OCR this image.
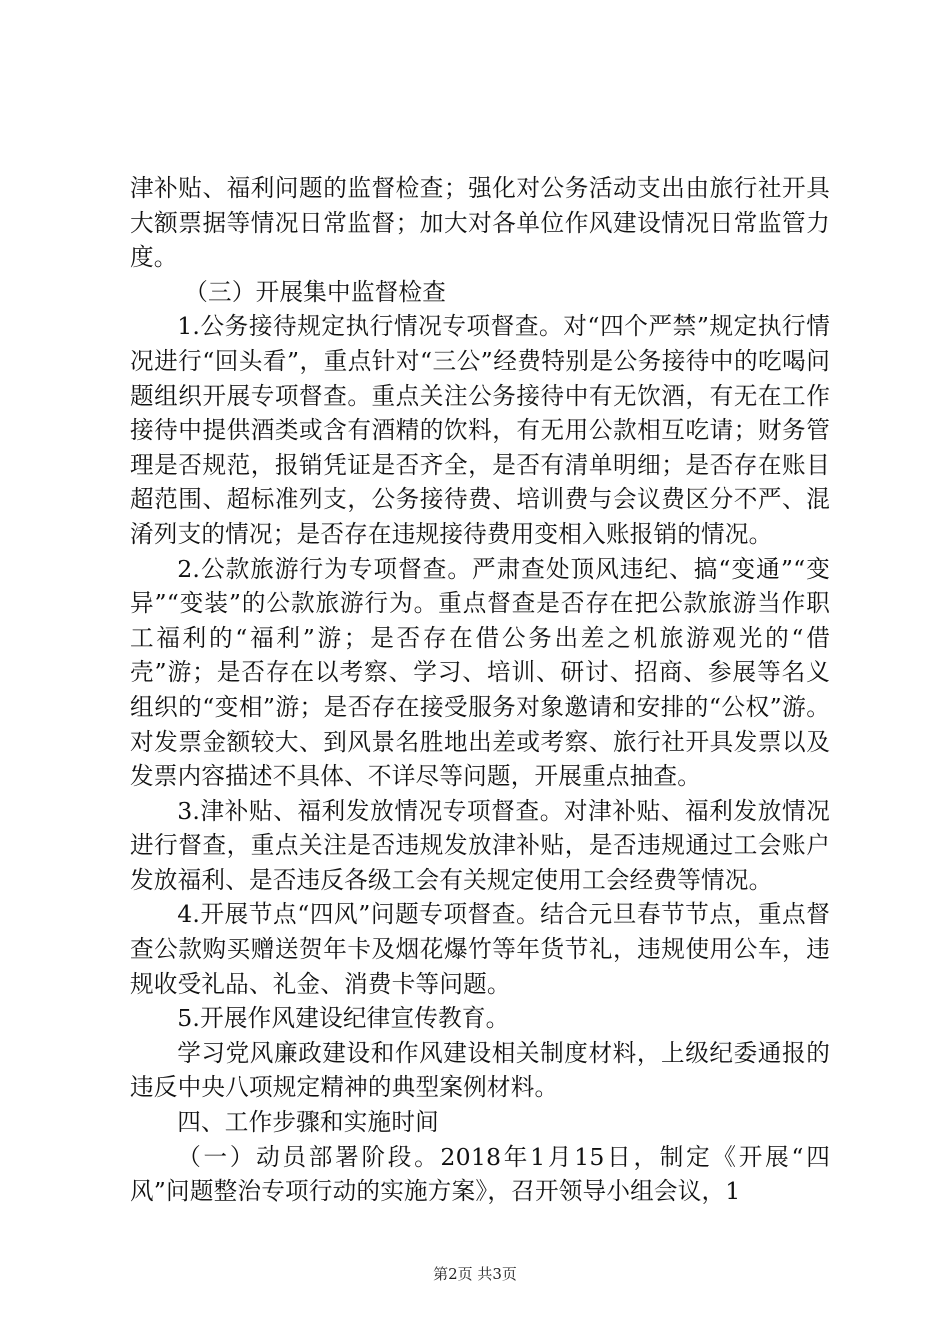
津补贴、福利问题的监督检查；强化对公务活动支出由旅行社开具大额票据等情况日常监督；加大对各单位作风建设情况日常监管力度。

（三）开展集中监督检查

1.公务接待规定执行情况专项督查。对“四个严禁”规定执行情况进行“回头看”，重点针对“三公”经费特别是公务接待中的吃喝问题组织开展专项督查。重点关注公务接待中有无饮酒，有无在工作接待中提供酒类或含有酒精的饮料，有无用公款相互吃请；财务管理是否规范，报销凭证是否齐全，是否有清单明细；是否存在账目超范围、超标准列支，公务接待费、培训费与会议费区分不严、混淆列支的情况；是否存在违规接待费用变相入账报销的情况。

2.公款旅游行为专项督查。严肃查处顶风违纪、搞“变通”“变异”“变装”的公款旅游行为。重点督查是否存在把公款旅游当作职工福利的“福利”游；是否存在借公务出差之机旅游观光的“借壳”游；是否存在以考察、学习、培训、研讨、招商、参展等名义组织的“变相”游；是否存在接受服务对象邀请和安排的“公权”游。对发票金额较大、到风景名胜地出差或考察、旅行社开具发票以及发票内容描述不具体、不详尽等问题，开展重点抽查。

3.津补贴、福利发放情况专项督查。对津补贴、福利发放情况进行督查，重点关注是否违规发放津补贴，是否违规通过工会账户发放福利、是否违反各级工会有关规定使用工会经费等情况。

4.开展节点“四风”问题专项督查。结合元旦春节节点，重点督查公款购买赠送贺年卡及烟花爆竹等年货节礼，违规使用公车，违规收受礼品、礼金、消费卡等问题。

5.开展作风建设纪律宣传教育。

学习党风廉政建设和作风建设相关制度材料，上级纪委通报的违反中央八项规定精神的典型案例材料。

四、工作步骤和实施时间

（一）动员部署阶段。2018年1月15日，制定《开展“四风”问题整治专项行动的实施方案》，召开领导小组会议，1

第2页 共3页
